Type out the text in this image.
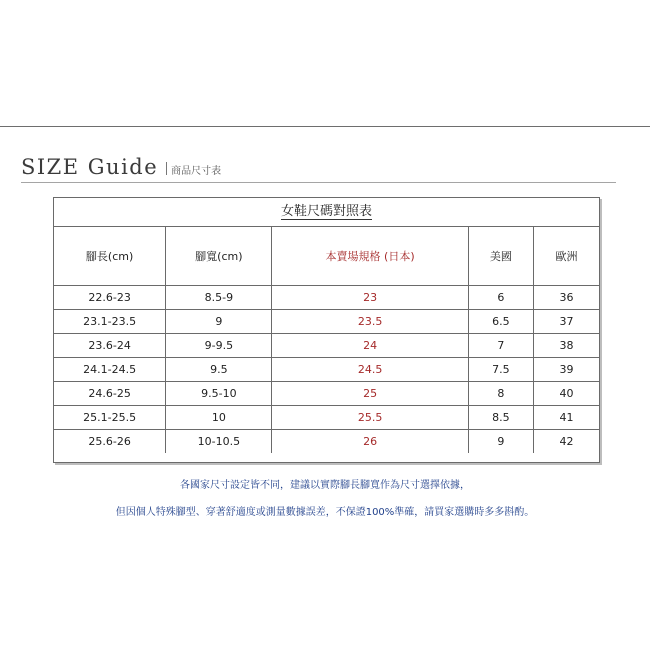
SIZE Guide 商品尺寸表
女鞋尺碼對照表
腳長(cm)	腳寬(cm)	本賣場規格 (日本)	美國	歐洲
22.6-23	8.5-9	23	6	36
23.1-23.5	9	23.5	6.5	37
23.6-24	9-9.5	24	7	38
24.1-24.5	9.5	24.5	7.5	39
24.6-25	9.5-10	25	8	40
25.1-25.5	10	25.5	8.5	41
25.6-26	10-10.5	26	9	42
各國家尺寸設定皆不同，建議以實際腳長腳寬作為尺寸選擇依據，
但因個人特殊腳型、穿著舒適度或測量數據誤差，不保證100%準確，請買家選購時多多斟酌。
